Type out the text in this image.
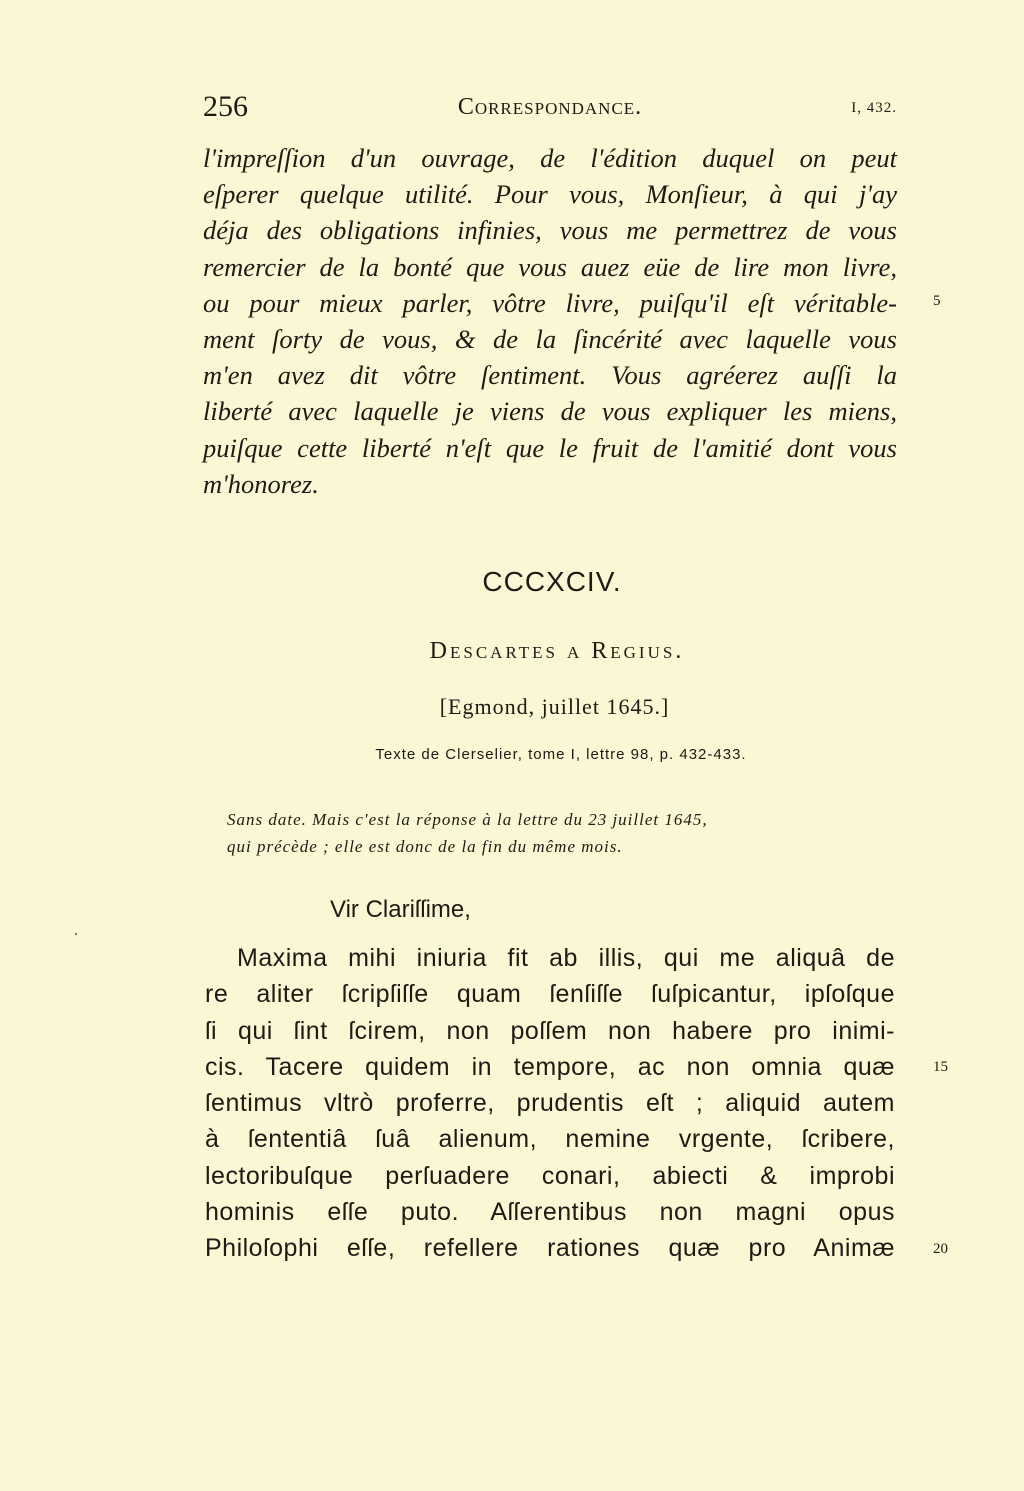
256	Correspondance.	I, 432.
l'impreſſion d'un ouvrage, de l'édition duquel on peut
eſperer quelque utilité. Pour vous, Monſieur, à qui j'ay
déja des obligations infinies, vous me permettrez de vous
remercier de la bonté que vous auez eüe de lire mon livre,
ou pour mieux parler, vôtre livre, puiſqu'il eſt véritable-
ment ſorty de vous, & de la ſincérité avec laquelle vous
m'en avez dit vôtre ſentiment. Vous agréerez auſſi la
liberté avec laquelle je viens de vous expliquer les miens,
puiſque cette liberté n'eſt que le fruit de l'amitié dont vous
m'honorez.
5
CCCXCIV.
Descartes a Regius.
[Egmond, juillet 1645.]
Texte de Clerselier, tome I, lettre 98, p. 432-433.
Sans date. Mais c'est la réponse à la lettre du 23 juillet 1645,
qui précède ; elle est donc de la fin du même mois.
Vir Clariſſime,
Maxima mihi iniuria fit ab illis, qui me aliquâ de
re aliter ſcripſiſſe quam ſenſiſſe ſuſpicantur, ipſoſque
ſi qui ſint ſcirem, non poſſem non habere pro inimi-
cis. Tacere quidem in tempore, ac non omnia quæ
ſentimus vltrò proferre, prudentis eſt ; aliquid autem
à ſententiâ ſuâ alienum, nemine vrgente, ſcribere,
lectoribuſque perſuadere conari, abiecti & improbi
hominis eſſe puto. Aſſerentibus non magni opus
Philoſophi eſſe, refellere rationes quæ pro Animæ
15
20
